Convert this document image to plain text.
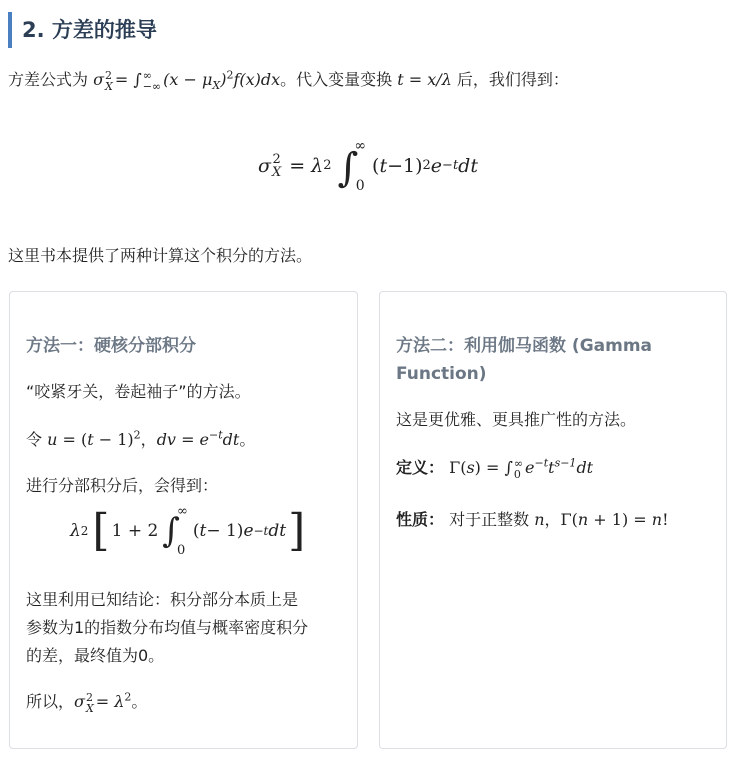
2. 方差的推导
方差公式为 σ 2
X = ∫ ∞
−∞ $(x - \mu_X)^2f(x)dx$。代入变量变换 t = x/λ 后，我们得到：
σ 2
X = λ 2 ∫
∞
0
( t − 1) 2 e −t dt
这里书本提供了两种计算这个积分的方法。
方法一：硬核分部积分
“咬紧牙关，卷起袖子”的方法。
令 $u = (t - 1)^2$，dv = $e^{-t}dt$。
进行分部积分后，会得到：
λ 2 [ 1 + 2 ∫
∞
0
( t − 1) e −t dt ]
这里利用已知结论：积分部分本质上是
参数为1的指数分布均值与概率密度积分
的差，最终值为0。
所以，σ 2
$X = \lambda^2$。
方法二：利用伽马函数 (Gamma
Function)
这是更优雅、更具推广性的方法。
定义： Γ(s) = ∫ ∞
0 $e^{-t}t^{s-1}dt$
性质： 对于正整数 n，Γ(n + 1) = n!
